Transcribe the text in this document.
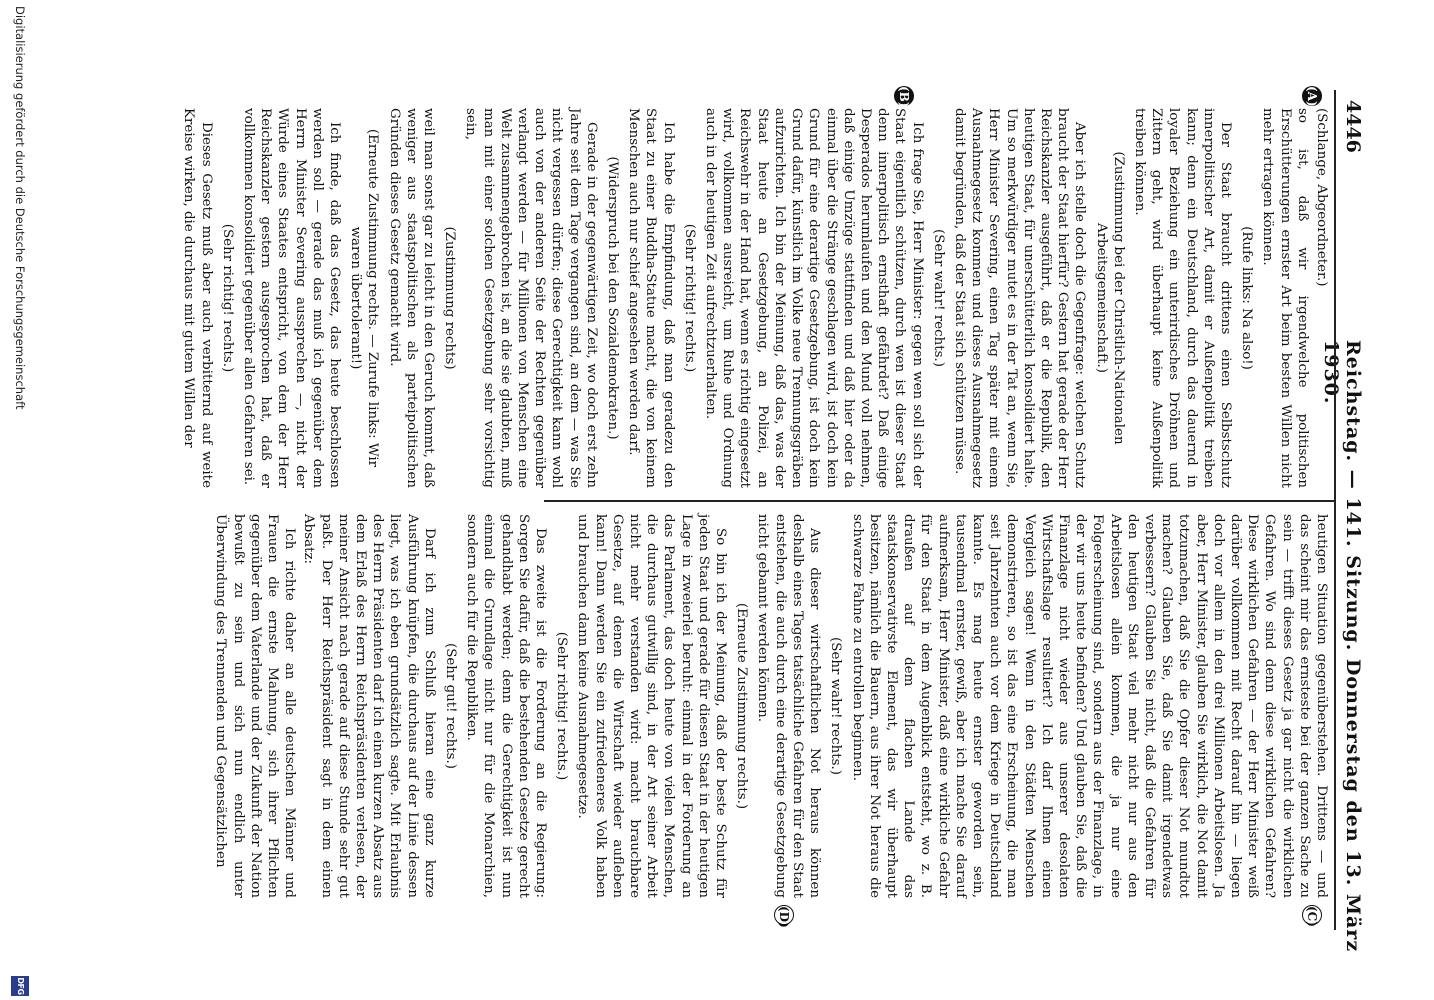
4446
Reichstag. — 141. Sitzung. Donnerstag den 13. März 1930.
(A)
(B)
(C)
(D)

(Schlange, Abgeordneter.)

so ist, daß wir irgendwelche politischen Erschütterungen ernster Art beim besten Willen nicht mehr ertragen können.

(Rufe links: Na also!)

Der Staat braucht drittens einen Selbstschutz innerpolitischer Art, damit er Außenpolitik treiben kann; denn ein Deutschland, durch das dauernd in loyaler Beziehung ein unterirdisches Dröhnen und Zittern geht, wird überhaupt keine Außenpolitik treiben können.

(Zustimmung bei der Christlich-Nationalen Arbeitsgemeinschaft.)

Aber ich stelle doch die Gegenfrage: welchen Schutz braucht der Staat hierfür? Gestern hat gerade der Herr Reichskanzler ausgeführt, daß er die Republik, den heutigen Staat, für unerschütterlich konsolidiert halte. Um so merkwürdiger mutet es in der Tat an, wenn Sie, Herr Minister Severing, einen Tag später mit einem Ausnahmegesetz kommen und dieses Ausnahmegesetz damit begründen, daß der Staat sich schützen müsse.

(Sehr wahr! rechts.)

Ich frage Sie, Herr Minister: gegen wen soll sich der Staat eigentlich schützen, durch wen ist dieser Staat denn innerpolitisch ernsthaft gefährdet? Daß einige Desperados herumlaufen und den Mund voll nehmen, daß einige Umzüge stattfinden und daß hier oder da einmal über die Stränge geschlagen wird, ist doch kein Grund für eine derartige Gesetzgebung, ist doch kein Grund dafür, künstlich im Volke neue Trennungsgräben aufzurichten. Ich bin der Meinung, daß das, was der Staat heute an Gesetzgebung, an Polizei, an Reichswehr in der Hand hat, wenn es richtig eingesetzt wird, vollkommen ausreicht, um Ruhe und Ordnung auch in der heutigen Zeit aufrechtzuerhalten.

(Sehr richtig! rechts.)

Ich habe die Empfindung, daß man geradezu den Staat zu einer Buddha-Statue macht, die von keinem Menschen auch nur schief angesehen werden darf.

(Widerspruch bei den Sozialdemokraten.)

Gerade in der gegenwärtigen Zeit, wo doch erst zehn Jahre seit dem Tage vergangen sind, an dem — was Sie nicht vergessen dürfen; diese Gerechtigkeit kann wohl auch von der anderen Seite der Rechten gegenüber verlangt werden — für Millionen von Menschen eine Welt zusammengebrochen ist, an die sie glaubten, muß man mit einer solchen Gesetzgebung sehr vorsichtig sein,

(Zustimmung rechts)

weil man sonst gar zu leicht in den Geruch kommt, daß weniger aus staatspolitischen als parteipolitischen Gründen dieses Gesetz gemacht wird.

(Erneute Zustimmung rechts. — Zurufe links: Wir waren übertolerant!)

Ich finde, daß das Gesetz, das heute beschlossen werden soll — gerade das muß ich gegenüber dem Herrn Minister Severing aussprechen —, nicht der Würde eines Staates entspricht, von dem der Herr Reichskanzler gestern ausgesprochen hat, daß er vollkommen konsolidiert gegenüber allen Gefahren sei.

(Sehr richtig! rechts.)

Dieses Gesetz muß aber auch verbitternd auf weite Kreise wirken, die durchaus mit gutem Willen der

heutigen Situation gegenüberstehen. Drittens — und das scheint mir das ernsteste bei der ganzen Sache zu sein — trifft dieses Gesetz ja gar nicht die wirklichen Gefahren. Wo sind denn diese wirklichen Gefahren? Diese wirklichen Gefahren — der Herr Minister weiß darüber vollkommen mit Recht darauf hin — liegen doch vor allem in den drei Millionen Arbeitslosen. Ja aber, Herr Minister, glauben Sie wirklich, die Not damit totzumachen, daß Sie die Opfer dieser Not mundtot machen? Glauben Sie, daß Sie damit irgendetwas verbessern? Glauben Sie nicht, daß die Gefahren für den heutigen Staat viel mehr nicht nur aus den Arbeitslosen allein kommen, die ja nur eine Folgeerscheinung sind, sondern aus der Finanzlage, in der wir uns heute befinden? Und glauben Sie, daß die Finanzlage nicht wieder aus unserer desolaten Wirtschaftslage resultiert? Ich darf Ihnen einen Vergleich sagen! Wenn in den Städten Menschen demonstrieren, so ist das eine Erscheinung, die man seit Jahrzehnten auch vor dem Kriege in Deutschland kannte. Es mag heute ernster geworden sein, tausendmal ernster, gewiß, aber ich mache Sie darauf aufmerksam, Herr Minister, daß eine wirkliche Gefahr für den Staat in dem Augenblick entsteht, wo z. B. draußen auf dem flachen Lande das staatskonservativste Element, das wir überhaupt besitzen, nämlich die Bauern, aus ihrer Not heraus die schwarze Fahne zu entrollen beginnen.

(Sehr wahr! rechts.)

Aus dieser wirtschaftlichen Not heraus können deshalb eines Tages tatsächliche Gefahren für den Staat entstehen, die auch durch eine derartige Gesetzgebung nicht gebannt werden können.

(Erneute Zustimmung rechts.)

So bin ich der Meinung, daß der beste Schutz für jeden Staat und gerade für diesen Staat in der heutigen Lage in zweierlei beruht: einmal in der Forderung an das Parlament, das doch heute von vielen Menschen, die durchaus gutwillig sind, in der Art seiner Arbeit nicht mehr verstanden wird: macht brauchbare Gesetze, auf denen die Wirtschaft wieder aufleben kann! Dann werden Sie ein zufriedeneres Volk haben und brauchen dann keine Ausnahmegesetze.

(Sehr richtig! rechts.)

Das zweite ist die Forderung an die Regierung: Sorgen Sie dafür, daß die bestehenden Gesetze gerecht gehandhabt werden; denn die Gerechtigkeit ist nun einmal die Grundlage nicht nur für die Monarchien, sondern auch für die Republiken.

(Sehr gut! rechts.)

Darf ich zum Schluß hieran eine ganz kurze Ausführung knüpfen, die durchaus auf der Linie dessen liegt, was ich eben grundsätzlich sagte. Mit Erlaubnis des Herrn Präsidenten darf ich einen kurzen Absatz aus dem Erlaß des Herrn Reichspräsidenten verlesen, der meiner Ansicht nach gerade auf diese Stunde sehr gut paßt. Der Herr Reichspräsident sagt in dem einen Absatz:

Ich richte daher an alle deutschen Männer und Frauen die ernste Mahnung, sich ihrer Pflichten gegenüber dem Vaterlande und der Zukunft der Nation bewußt zu sein und sich nun endlich unter Überwindung des Trennenden und Gegensätzlichen

Digitalisierung gefördert durch die Deutsche Forschungsgemeinschaft
DFG
